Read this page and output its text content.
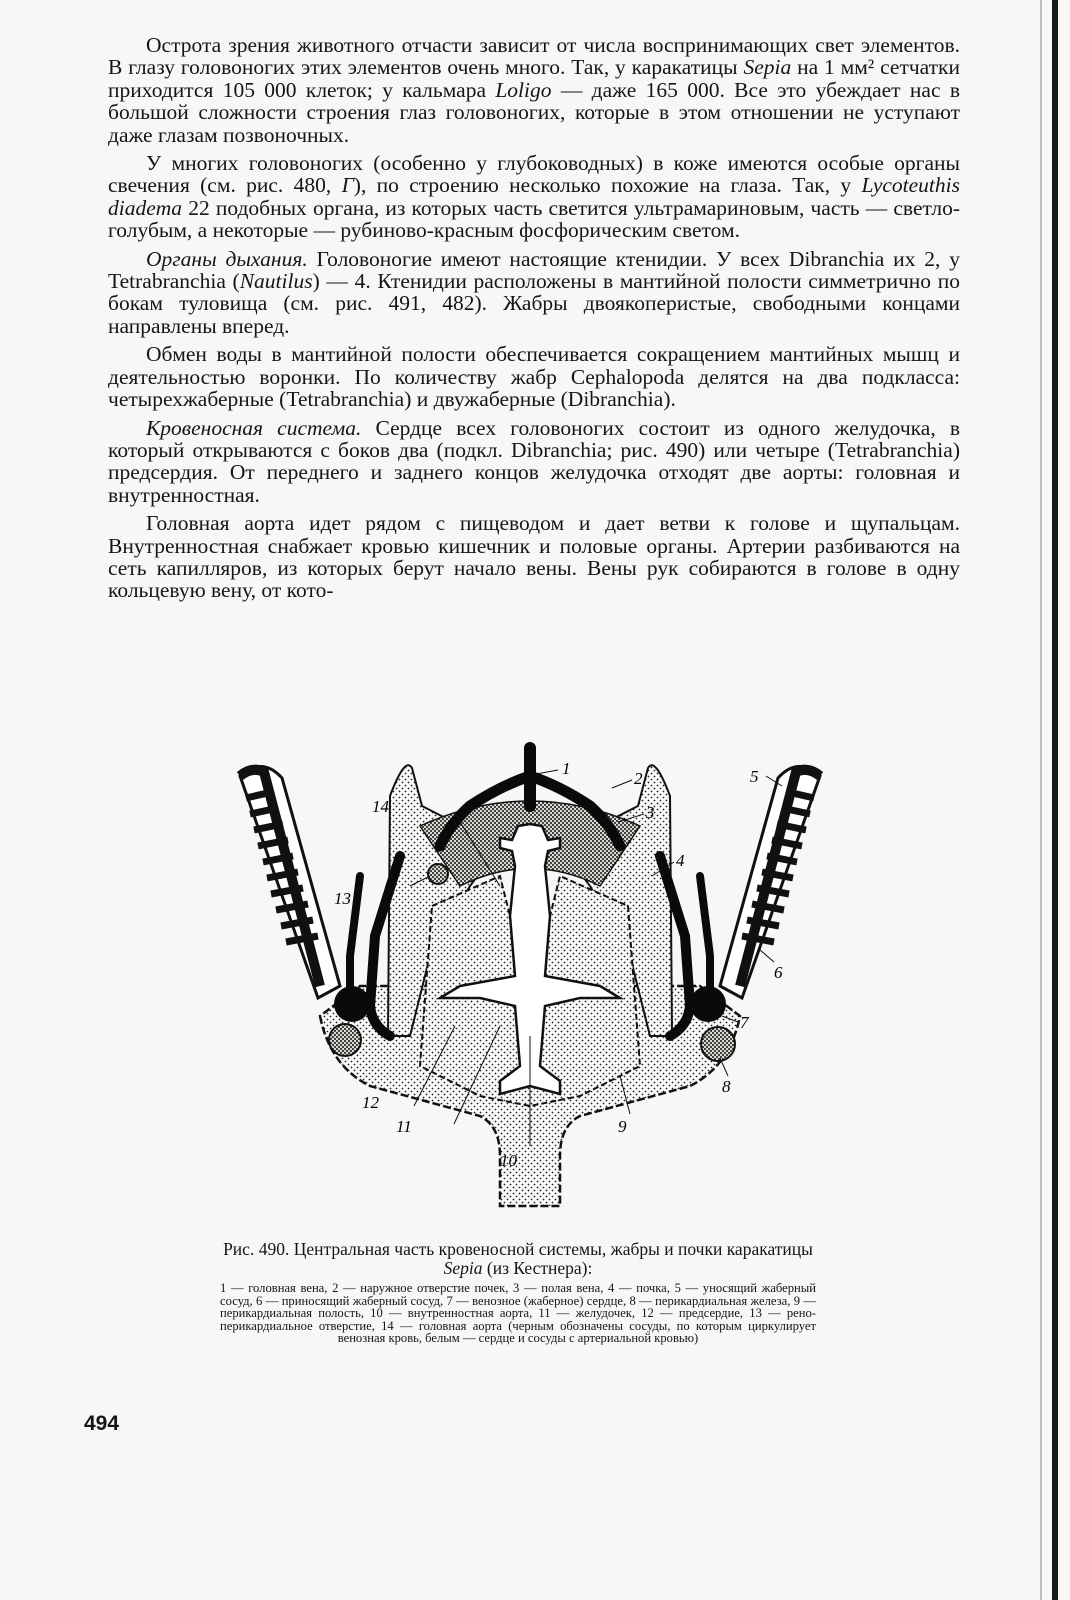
Острота зрения животного отчасти зависит от числа воспринимающих свет элементов. В глазу головоногих этих элементов очень много. Так, у каракатицы Sepia на 1 мм² сетчатки приходится 105 000 клеток; у кальмара Loligo — даже 165 000. Все это убеждает нас в большой сложности строения глаз головоногих, которые в этом отношении не уступают даже глазам позвоночных.

У многих головоногих (особенно у глубоководных) в коже имеются особые органы свечения (см. рис. 480, Г), по строению несколько похожие на глаза. Так, у Lycoteuthis diadema 22 подобных органа, из которых часть светится ультрамариновым, часть — светло-голубым, а некоторые — рубиново-красным фосфорическим светом.

Органы дыхания. Головоногие имеют настоящие ктенидии. У всех Dibranchia их 2, у Tetrabranchia (Nautilus) — 4. Ктенидии расположены в мантийной полости симметрично по бокам туловища (см. рис. 491, 482). Жабры двоякоперистые, свободными концами направлены вперед.

Обмен воды в мантийной полости обеспечивается сокращением мантийных мышц и деятельностью воронки. По количеству жабр Cephalopoda делятся на два подкласса: четырехжаберные (Tetrabranchia) и двужаберные (Dibranchia).

Кровеносная система. Сердце всех головоногих состоит из одного желудочка, в который открываются с боков два (подкл. Dibranchia; рис. 490) или четыре (Tetrabranchia) предсердия. От переднего и заднего концов желудочка отходят две аорты: головная и внутренностная.

Головная аорта идет рядом с пищеводом и дает ветви к голове и щупальцам. Внутренностная снабжает кровью кишечник и половые органы. Артерии разбиваются на сеть капилляров, из которых берут начало вены. Вены рук собираются в голове в одну кольцевую вену, от кото-

1
2
3
4
5
6
7
8
9
10
11
12
13
14
Рис. 490. Центральная часть кровеносной системы, жабры и почки каракатицы Sepia (из Кестнера):
1 — головная вена, 2 — наружное отверстие почек, 3 — полая вена, 4 — почка, 5 — уносящий жаберный сосуд, 6 — приносящий жаберный сосуд, 7 — венозное (жаберное) сердце, 8 — перикардиальная железа, 9 — перикардиальная полость, 10 — внутренностная аорта, 11 — желудочек, 12 — предсердие, 13 — рено-перикардиальное отверстие, 14 — головная аорта (черным обозначены сосуды, по которым циркулирует венозная кровь, белым — сердце и сосуды с артериальной кровью)
494
